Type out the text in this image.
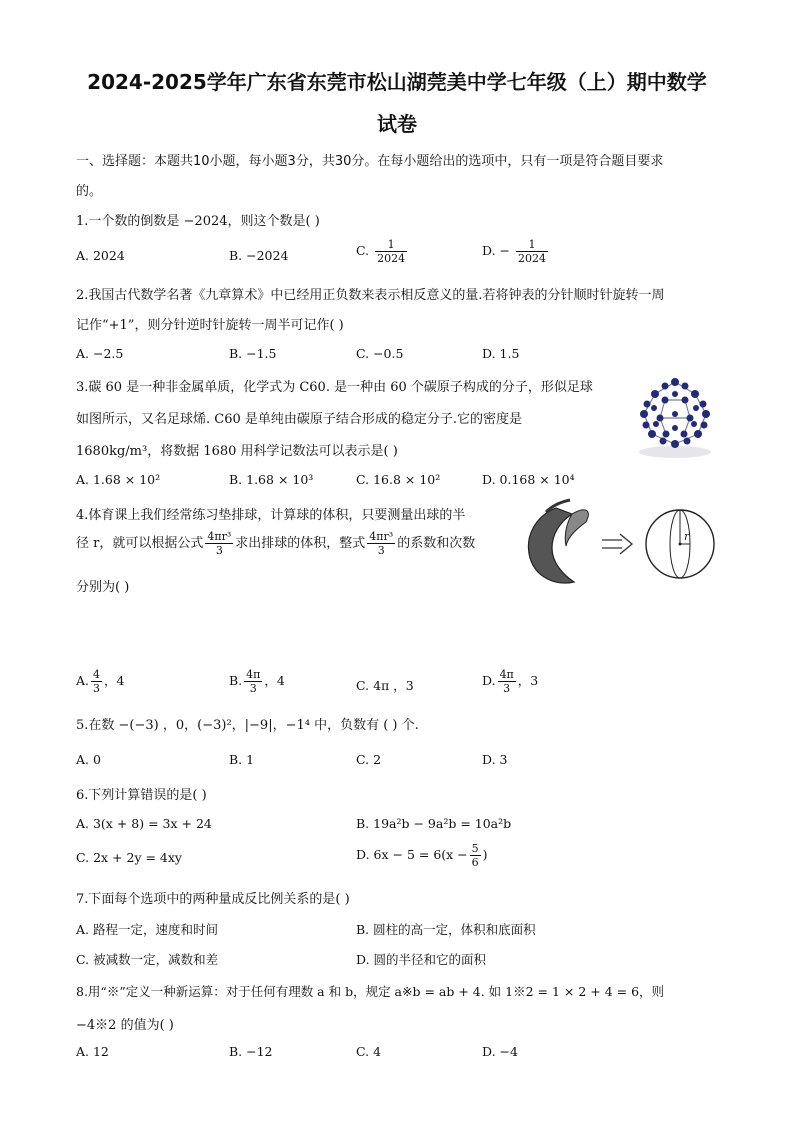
2024-2025学年广东省东莞市松山湖莞美中学七年级（上）期中数学
试卷
一、选择题：本题共10小题，每小题3分，共30分。在每小题给出的选项中，只有一项是符合题目要求
的。
1.一个数的倒数是 −2024，则这个数是( )
A. 2024	B. −2024	C. $\frac{1}{2024}$	D. − $\frac{1}{2024}$
2.我国古代数学名著《九章算术》中已经用正负数来表示相反意义的量.若将钟表的分针顺时针旋转一周
记作“+1”，则分针逆时针旋转一周半可记作( )
A. −2.5	B. −1.5	C. −0.5	D. 1.5
3.碳 60 是一种非金属单质，化学式为 C60. 是一种由 60 个碳原子构成的分子，形似足球
如图所示，又名足球烯. C60 是单纯由碳原子结合形成的稳定分子.它的密度是
1680kg/m³，将数据 1680 用科学记数法可以表示是( )
A. 1.68 × 10²	B. 1.68 × 10³	C. 16.8 × 10²	D. 0.168 × 10⁴
4.体育课上我们经常练习垫排球，计算球的体积，只要测量出球的半
径 r，就可以根据公式 $\frac{\text{4πr³}}{3}$ 求出排球的体积，整式 $\frac{\text{4πr³}}{3}$ 的系数和次数
分别为( )
r
A. $\frac{4}{3}$ ，4	B. $\frac{4\pi}{3}$ ，4	C. 4π ，3	D. $\frac{4\pi}{3}$ ，3
5.在数 −(−3) ，0，(−3)²，|−9|，−1⁴ 中，负数有 ( ) 个.
A. 0	B. 1	C. 2	D. 3
6.下列计算错误的是( )
A. 3(x + 8) = 3x + 24	B. 19a²b − 9a²b = 10a²b
C. 2x + 2y = 4xy	D. $6x - 5 = 6(x - \frac{5}{6}$ )
7.下面每个选项中的两种量成反比例关系的是( )
A. 路程一定，速度和时间	B. 圆柱的高一定，体积和底面积
C. 被减数一定，减数和差	D. 圆的半径和它的面积
8.用“※”定义一种新运算：对于任何有理数 a 和 b，规定 a※b = ab + 4. 如 1※2 = 1 × 2 + 4 = 6，则
−4※2 的值为( )
A. 12	B. −12	C. 4	D. −4
